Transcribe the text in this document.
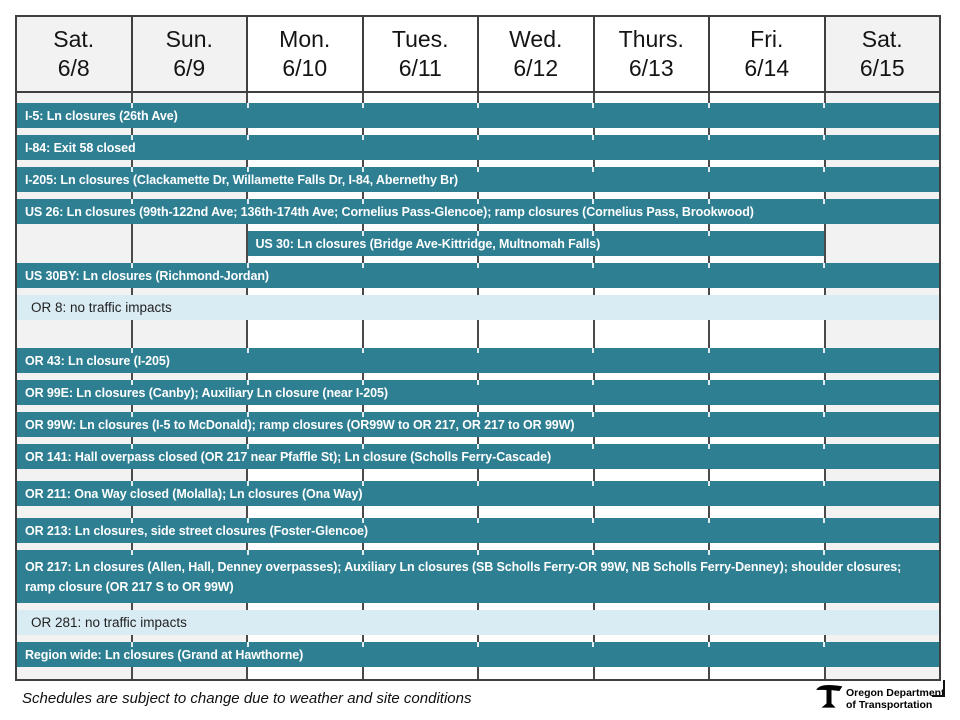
Sat.
6/8
Sun.
6/9
Mon.
6/10
Tues.
6/11
Wed.
6/12
Thurs.
6/13
Fri.
6/14
Sat.
6/15
I-5: Ln closures (26th Ave)
I-84: Exit 58 closed
I-205: Ln closures (Clackamette Dr, Willamette Falls Dr, I-84, Abernethy Br)
US 26: Ln closures (99th-122nd Ave; 136th-174th Ave; Cornelius Pass-Glencoe); ramp closures (Cornelius Pass, Brookwood)
US 30: Ln closures (Bridge Ave-Kittridge, Multnomah Falls)
US 30BY: Ln closures (Richmond-Jordan)
OR 8: no traffic impacts
OR 43: Ln closure (I-205)
OR 99E: Ln closures (Canby); Auxiliary Ln closure (near I-205)
OR 99W: Ln closures (I-5 to McDonald); ramp closures (OR99W to OR 217, OR 217 to OR 99W)
OR 141: Hall overpass closed (OR 217 near Pfaffle St); Ln closure (Scholls Ferry-Cascade)
OR 211: Ona Way closed (Molalla); Ln closures (Ona Way)
OR 213: Ln closures, side street closures (Foster-Glencoe)
OR 217: Ln closures (Allen, Hall, Denney overpasses); Auxiliary Ln closures (SB Scholls Ferry-OR 99W, NB Scholls Ferry-Denney); shoulder closures; ramp closure (OR 217 S to OR 99W)
OR 281: no traffic impacts
Region wide: Ln closures (Grand at Hawthorne)
Schedules are subject to change due to weather and site conditions	Oregon Department
of Transportation
